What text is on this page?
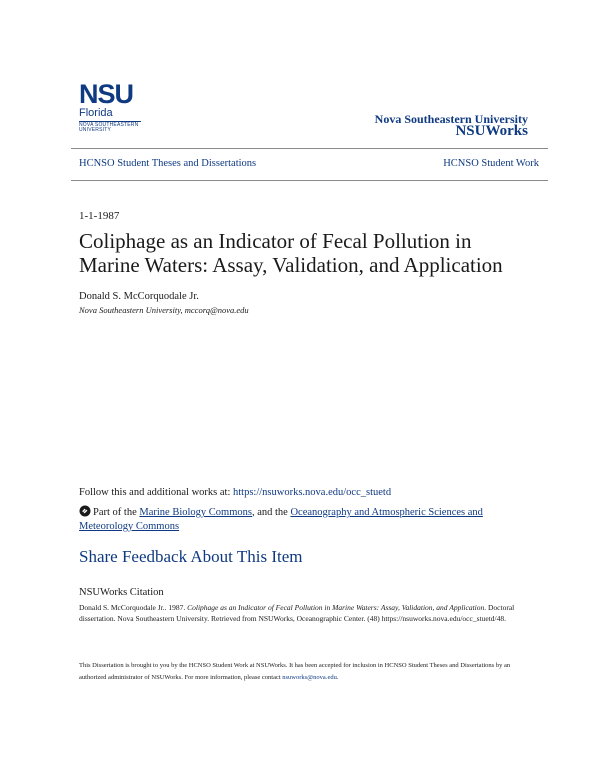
NSU
Florida
NOVA SOUTHEASTERN UNIVERSITY
Nova Southeastern University
NSUWorks
HCNSO Student Theses and Dissertations	HCNSO Student Work
1-1-1987
Coliphage as an Indicator of Fecal Pollution in Marine Waters: Assay, Validation, and Application
Donald S. McCorquodale Jr.
Nova Southeastern University, mccorq@nova.edu
Follow this and additional works at: https://nsuworks.nova.edu/occ_stuetd
Part of the Marine Biology Commons, and the Oceanography and Atmospheric Sciences and Meteorology Commons
Share Feedback About This Item
NSUWorks Citation
Donald S. McCorquodale Jr.. 1987. Coliphage as an Indicator of Fecal Pollution in Marine Waters: Assay, Validation, and Application. Doctoral dissertation. Nova Southeastern University. Retrieved from NSUWorks, Oceanographic Center. (48) https://nsuworks.nova.edu/occ_stuetd/48.
This Dissertation is brought to you by the HCNSO Student Work at NSUWorks. It has been accepted for inclusion in HCNSO Student Theses and Dissertations by an authorized administrator of NSUWorks. For more information, please contact nsuworks@nova.edu.
